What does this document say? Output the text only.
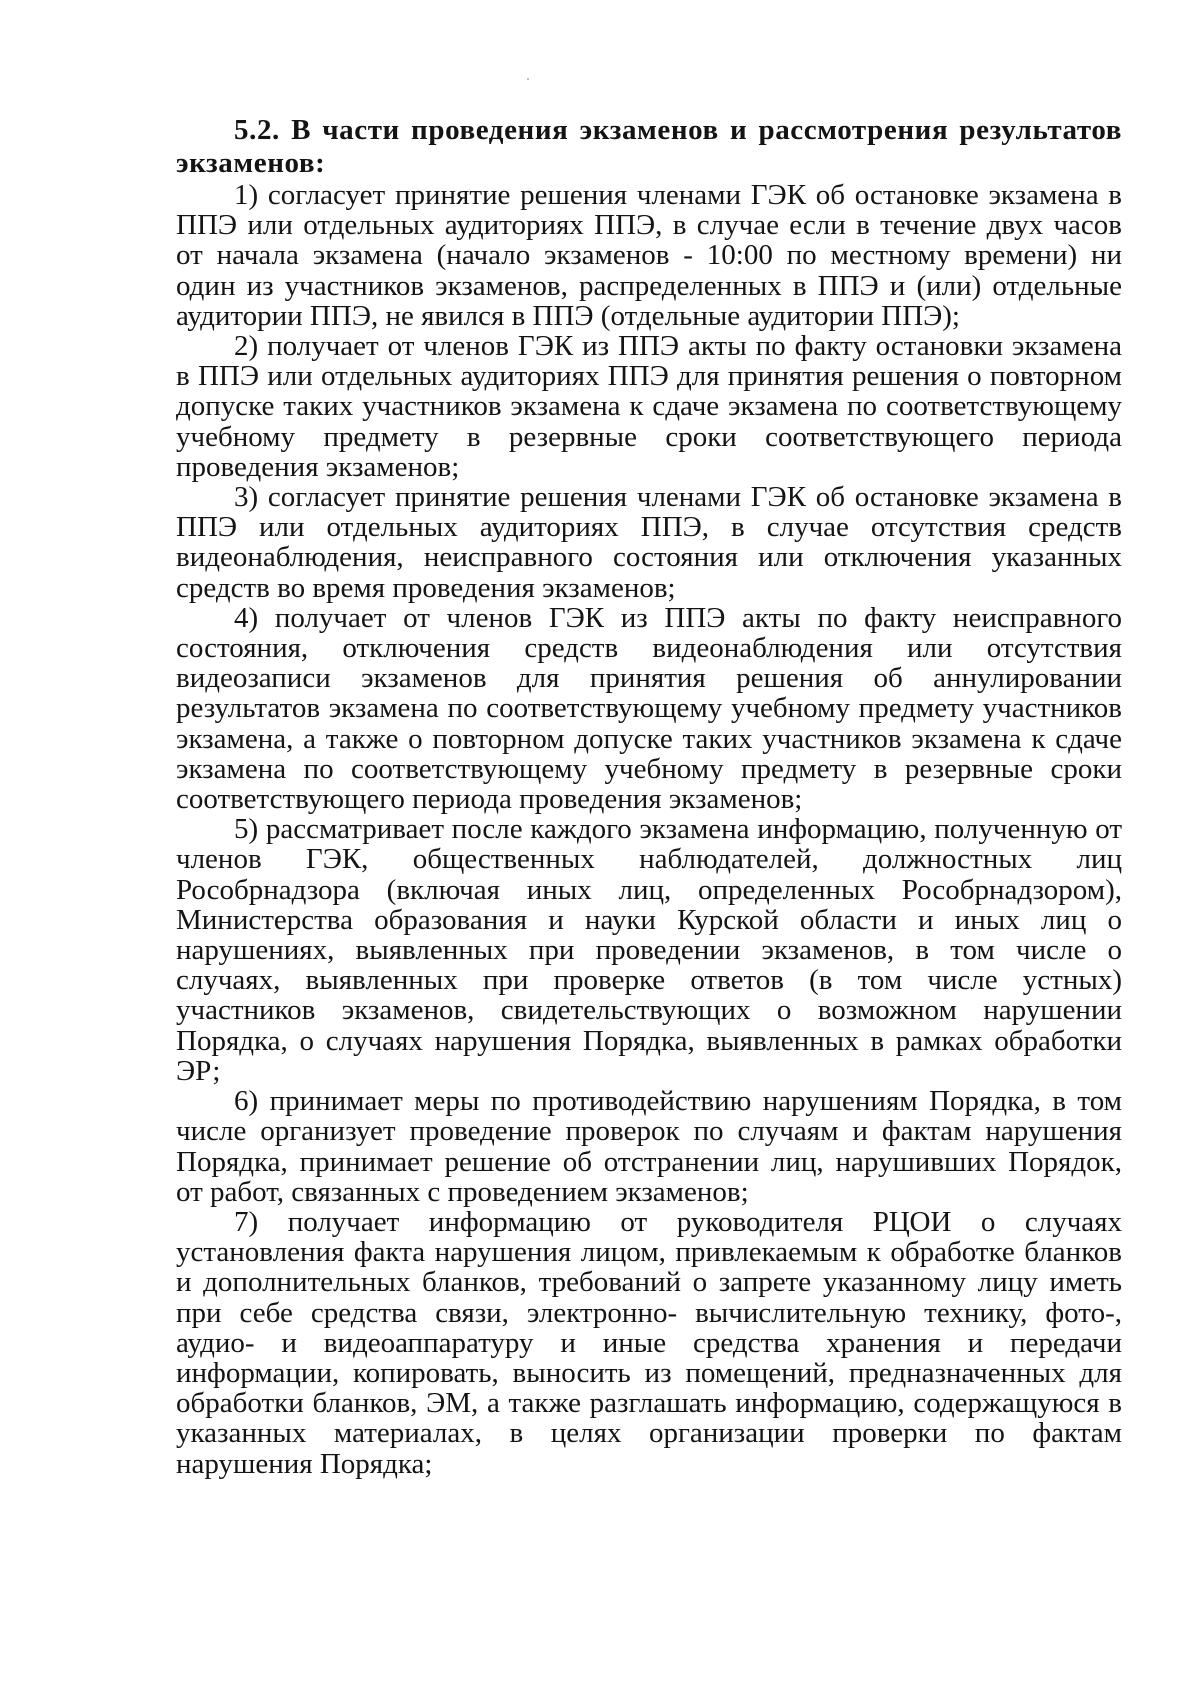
5.2. В части проведения экзаменов и рассмотрения результатов экзаменов:

1) согласует принятие решения членами ГЭК об остановке экзамена в ППЭ или отдельных аудиториях ППЭ, в случае если в течение двух часов от начала экзамена (начало экзаменов - 10:00 по местному времени) ни один из участников экзаменов, распределенных в ППЭ и (или) отдельные аудитории ППЭ, не явился в ППЭ (отдельные аудитории ППЭ);
2) получает от членов ГЭК из ППЭ акты по факту остановки экзамена в ППЭ или отдельных аудиториях ППЭ для принятия решения о повторном допуске таких участников экзамена к сдаче экзамена по соответствующему учебному предмету в резервные сроки соответствующего периода проведения экзаменов;
3) согласует принятие решения членами ГЭК об остановке экзамена в ППЭ или отдельных аудиториях ППЭ, в случае отсутствия средств видеонаблюдения, неисправного состояния или отключения указанных средств во время проведения экзаменов;
4) получает от членов ГЭК из ППЭ акты по факту неисправного состояния, отключения средств видеонаблюдения или отсутствия видеозаписи экзаменов для принятия решения об аннулировании результатов экзамена по соответствующему учебному предмету участников экзамена, а также о повторном допуске таких участников экзамена к сдаче экзамена по соответствующему учебному предмету в резервные сроки соответствующего периода проведения экзаменов;
5) рассматривает после каждого экзамена информацию, полученную от членов ГЭК, общественных наблюдателей, должностных лиц Рособрнадзора (включая иных лиц, определенных Рособрнадзором), Министерства образования и науки Курской области и иных лиц о нарушениях, выявленных при проведении экзаменов, в том числе о случаях, выявленных при проверке ответов (в том числе устных) участников экзаменов, свидетельствующих о возможном нарушении Порядка, о случаях нарушения Порядка, выявленных в рамках обработки ЭР;
6) принимает меры по противодействию нарушениям Порядка, в том числе организует проведение проверок по случаям и фактам нарушения Порядка, принимает решение об отстранении лиц, нарушивших Порядок, от работ, связанных с проведением экзаменов;
7) получает информацию от руководителя РЦОИ о случаях установления факта нарушения лицом, привлекаемым к обработке бланков и дополнительных бланков, требований о запрете указанному лицу иметь при себе средства связи, электронно- вычислительную технику, фото-, аудио- и видеоаппаратуру и иные средства хранения и передачи информации, копировать, выносить из помещений, предназначенных для обработки бланков, ЭМ, а также разглашать информацию, содержащуюся в указанных материалах, в целях организации проверки по фактам нарушения Порядка;
